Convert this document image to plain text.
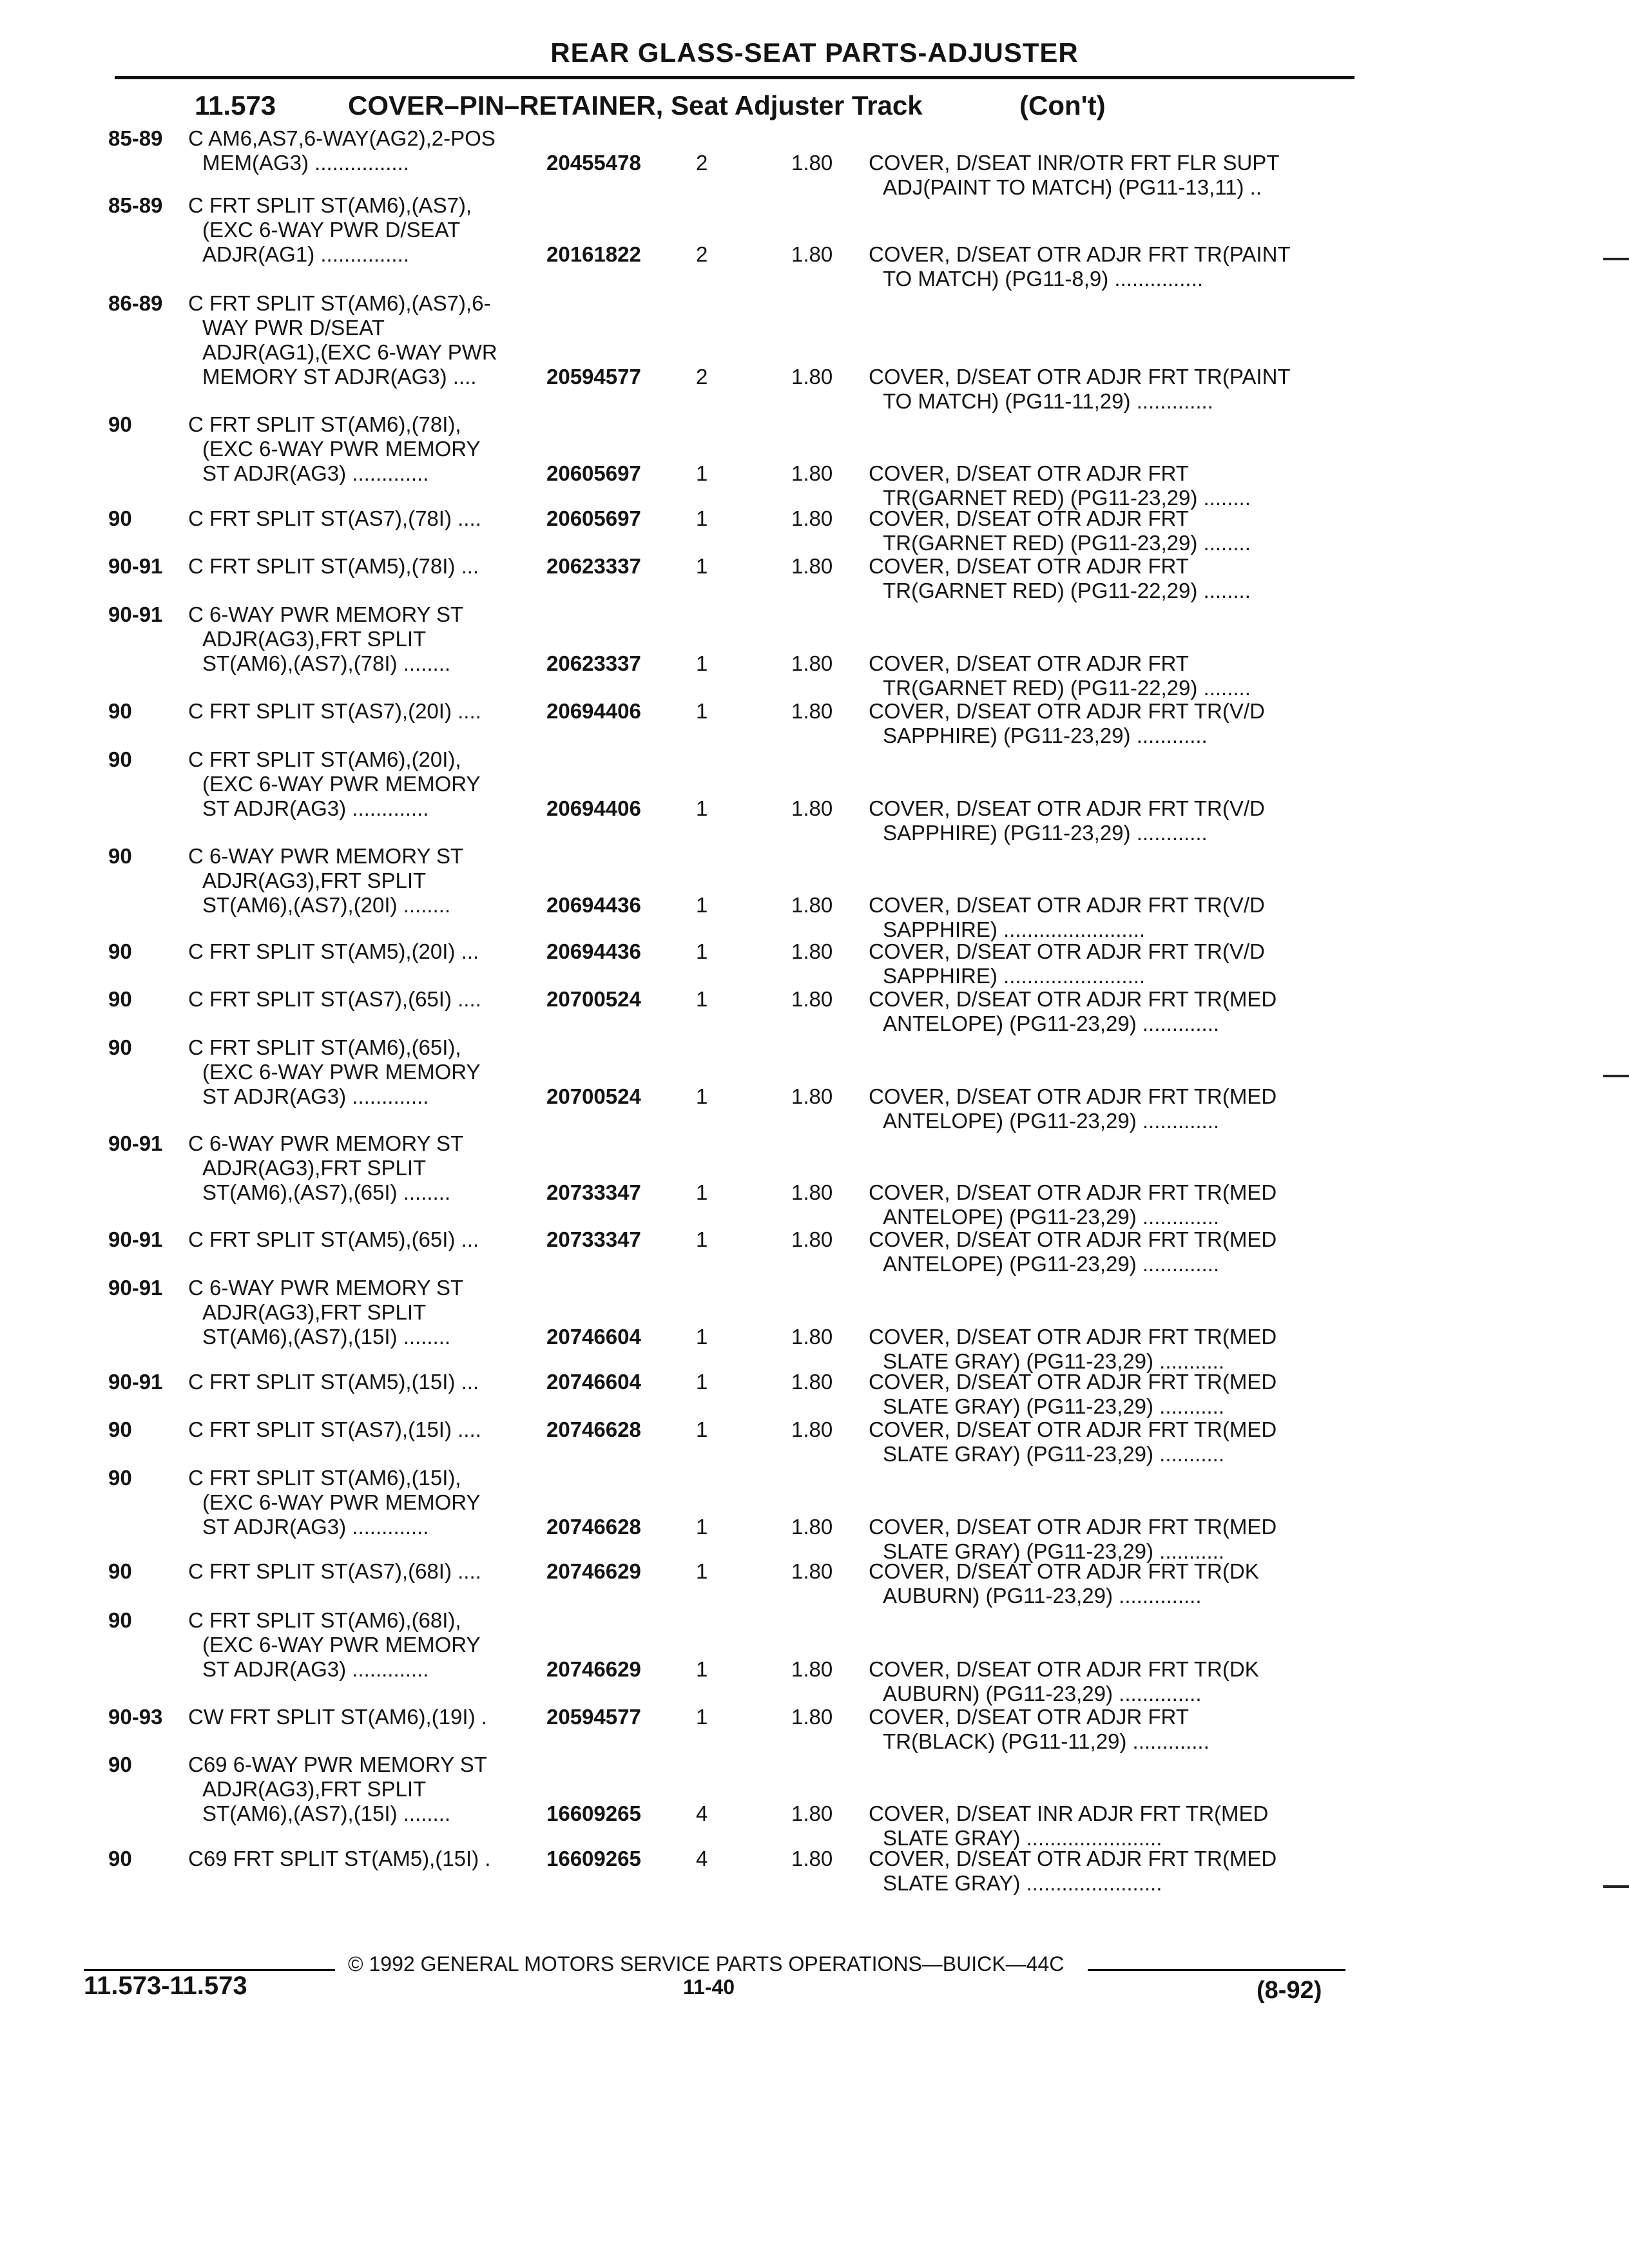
REAR GLASS-SEAT PARTS-ADJUSTER
11.573	COVER–PIN–RETAINER, Seat Adjuster Track	(Con't)
85-89 C AM6,AS7,6-WAY(AG2),2-POS
MEM(AG3) ................	20455478	2	1.80 COVER, D/SEAT INR/OTR FRT FLR SUPT
ADJ(PAINT TO MATCH) (PG11-13,11) ..
85-89 C FRT SPLIT ST(AM6),(AS7),
(EXC 6-WAY PWR D/SEAT
ADJR(AG1) ...............	20161822	2	1.80 COVER, D/SEAT OTR ADJR FRT TR(PAINT
TO MATCH) (PG11-8,9) ...............
86-89 C FRT SPLIT ST(AM6),(AS7),6-
WAY PWR D/SEAT
ADJR(AG1),(EXC 6-WAY PWR
MEMORY ST ADJR(AG3) ....	20594577	2	1.80 COVER, D/SEAT OTR ADJR FRT TR(PAINT
TO MATCH) (PG11-11,29) .............
90	C FRT SPLIT ST(AM6),(78I),
(EXC 6-WAY PWR MEMORY
ST ADJR(AG3) .............	20605697	1	1.80 COVER, D/SEAT OTR ADJR FRT
TR(GARNET RED) (PG11-23,29) ........
90	C FRT SPLIT ST(AS7),(78I) ....	20605697	1	1.80 COVER, D/SEAT OTR ADJR FRT
TR(GARNET RED) (PG11-23,29) ........
90-91 C FRT SPLIT ST(AM5),(78I) ...	20623337	1	1.80 COVER, D/SEAT OTR ADJR FRT
TR(GARNET RED) (PG11-22,29) ........
90-91 C 6-WAY PWR MEMORY ST
ADJR(AG3),FRT SPLIT
ST(AM6),(AS7),(78I) ........	20623337	1	1.80 COVER, D/SEAT OTR ADJR FRT
TR(GARNET RED) (PG11-22,29) ........
90	C FRT SPLIT ST(AS7),(20I) ....	20694406	1	1.80 COVER, D/SEAT OTR ADJR FRT TR(V/D
SAPPHIRE) (PG11-23,29) ............
90	C FRT SPLIT ST(AM6),(20I),
(EXC 6-WAY PWR MEMORY
ST ADJR(AG3) .............	20694406	1	1.80 COVER, D/SEAT OTR ADJR FRT TR(V/D
SAPPHIRE) (PG11-23,29) ............
90	C 6-WAY PWR MEMORY ST
ADJR(AG3),FRT SPLIT
ST(AM6),(AS7),(20I) ........	20694436	1	1.80 COVER, D/SEAT OTR ADJR FRT TR(V/D
SAPPHIRE) ........................
90	C FRT SPLIT ST(AM5),(20I) ...	20694436	1	1.80 COVER, D/SEAT OTR ADJR FRT TR(V/D
SAPPHIRE) ........................
90	C FRT SPLIT ST(AS7),(65I) ....	20700524	1	1.80 COVER, D/SEAT OTR ADJR FRT TR(MED
ANTELOPE) (PG11-23,29) .............
90	C FRT SPLIT ST(AM6),(65I),
(EXC 6-WAY PWR MEMORY
ST ADJR(AG3) .............	20700524	1	1.80 COVER, D/SEAT OTR ADJR FRT TR(MED
ANTELOPE) (PG11-23,29) .............
90-91 C 6-WAY PWR MEMORY ST
ADJR(AG3),FRT SPLIT
ST(AM6),(AS7),(65I) ........	20733347	1	1.80 COVER, D/SEAT OTR ADJR FRT TR(MED
ANTELOPE) (PG11-23,29) .............
90-91 C FRT SPLIT ST(AM5),(65I) ...	20733347	1	1.80 COVER, D/SEAT OTR ADJR FRT TR(MED
ANTELOPE) (PG11-23,29) .............
90-91 C 6-WAY PWR MEMORY ST
ADJR(AG3),FRT SPLIT
ST(AM6),(AS7),(15I) ........	20746604	1	1.80 COVER, D/SEAT OTR ADJR FRT TR(MED
SLATE GRAY) (PG11-23,29) ...........
90-91 C FRT SPLIT ST(AM5),(15I) ...	20746604	1	1.80 COVER, D/SEAT OTR ADJR FRT TR(MED
SLATE GRAY) (PG11-23,29) ...........
90	C FRT SPLIT ST(AS7),(15I) ....	20746628	1	1.80 COVER, D/SEAT OTR ADJR FRT TR(MED
SLATE GRAY) (PG11-23,29) ...........
90	C FRT SPLIT ST(AM6),(15I),
(EXC 6-WAY PWR MEMORY
ST ADJR(AG3) .............	20746628	1	1.80 COVER, D/SEAT OTR ADJR FRT TR(MED
SLATE GRAY) (PG11-23,29) ...........
90	C FRT SPLIT ST(AS7),(68I) ....	20746629	1	1.80 COVER, D/SEAT OTR ADJR FRT TR(DK
AUBURN) (PG11-23,29) ..............
90	C FRT SPLIT ST(AM6),(68I),
(EXC 6-WAY PWR MEMORY
ST ADJR(AG3) .............	20746629	1	1.80 COVER, D/SEAT OTR ADJR FRT TR(DK
AUBURN) (PG11-23,29) ..............
90-93 CW FRT SPLIT ST(AM6),(19I) .	20594577	1	1.80 COVER, D/SEAT OTR ADJR FRT
TR(BLACK) (PG11-11,29) .............
90	C69 6-WAY PWR MEMORY ST
ADJR(AG3),FRT SPLIT
ST(AM6),(AS7),(15I) ........	16609265	4	1.80 COVER, D/SEAT INR ADJR FRT TR(MED
SLATE GRAY) .......................
90	C69 FRT SPLIT ST(AM5),(15I) .	16609265	4	1.80 COVER, D/SEAT OTR ADJR FRT TR(MED
SLATE GRAY) .......................
© 1992 GENERAL MOTORS SERVICE PARTS OPERATIONS—BUICK—44C
11.573-11.573	11-40	(8-92)
